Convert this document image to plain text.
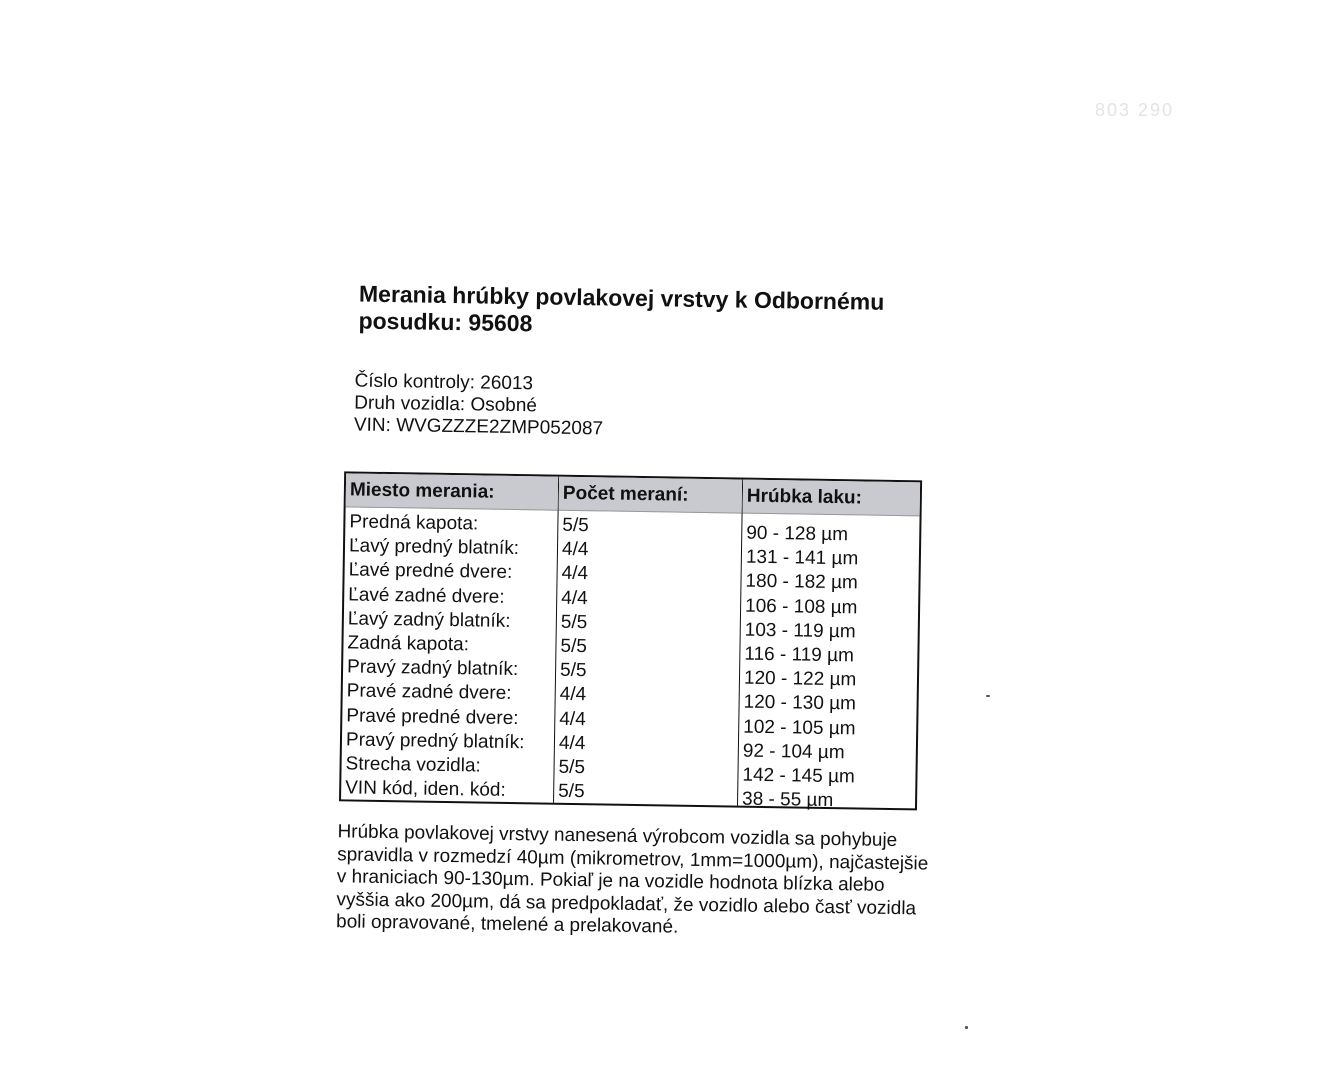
803 290
Merania hrúbky povlakovej vrstvy k Odbornému posudku: 95608
Číslo kontroly: 26013
Druh vozidla: Osobné
VIN: WVGZZZE2ZMP052087
Miesto merania:
Predná kapota:
Ľavý predný blatník:
Ľavé predné dvere:
Ľavé zadné dvere:
Ľavý zadný blatník:
Zadná kapota:
Pravý zadný blatník:
Pravé zadné dvere:
Pravé predné dvere:
Pravý predný blatník:
Strecha vozidla:
VIN kód, iden. kód:
Počet meraní:
5/5
4/4
4/4
4/4
5/5
5/5
5/5
4/4
4/4
4/4
5/5
5/5
Hrúbka laku:
90 - 128 µm
131 - 141 µm
180 - 182 µm
106 - 108 µm
103 - 119 µm
116 - 119 µm
120 - 122 µm
120 - 130 µm
102 - 105 µm
92 - 104 µm
142 - 145 µm
38 - 55 µm
Hrúbka povlakovej vrstvy nanesená výrobcom vozidla sa pohybuje spravidla v rozmedzí 40µm (mikrometrov, 1mm=1000µm), najčastejšie v hraniciach 90-130µm. Pokiaľ je na vozidle hodnota blízka alebo vyššia ako 200µm, dá sa predpokladať, že vozidlo alebo časť vozidla boli opravované, tmelené a prelakované.
